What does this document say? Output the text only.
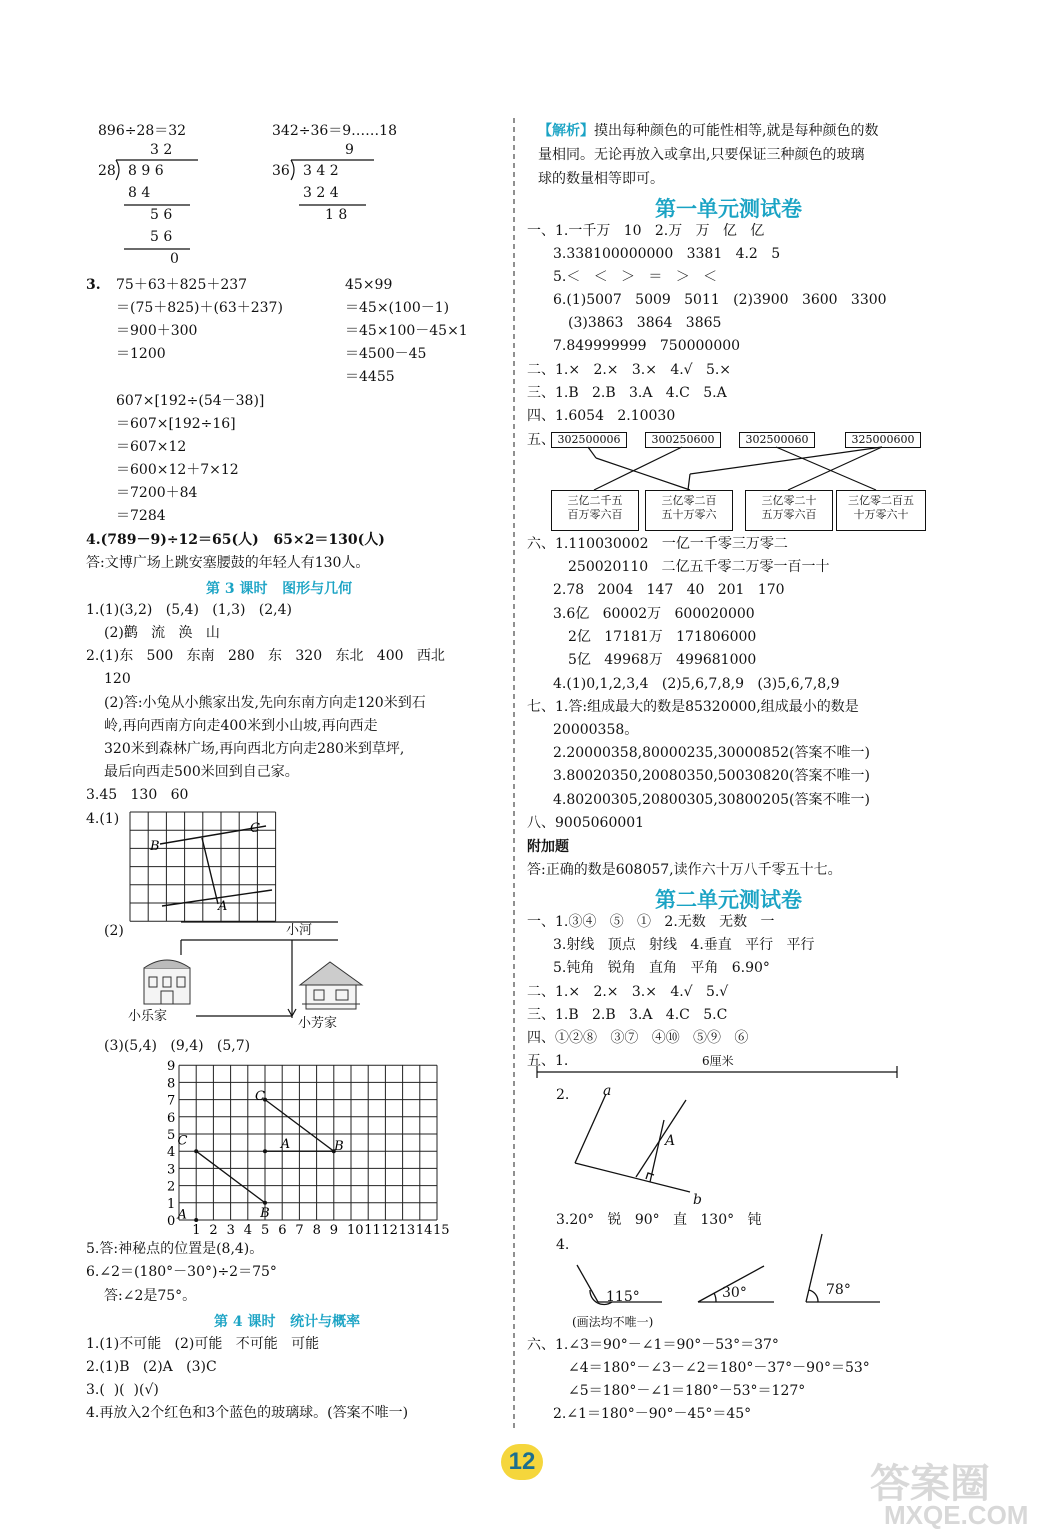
896÷28＝32
3 2
28 8 9 6
8 4
5 6
5 6
0
342÷36＝9……18
9
36 3 4 2
3 2 4
1 8
3. 75＋63＋825＋237
＝(75＋825)＋(63＋237)
＝900＋300
＝1200
45×99
＝45×(100－1)
＝45×100－45×1
＝4500－45
＝4455
607×[192÷(54－38)]
＝607×[192÷16]
＝607×12
＝600×12＋7×12
＝7200＋84
＝7284
4.(789－9)÷12＝65(人)   65×2＝130(人)
答:文博广场上跳安塞腰鼓的年轻人有130人。
第 3 课时   图形与几何
1.(1)(3,2)   (5,4)   (1,3)   (2,4)
(2)鹳   流   涣   山
2.(1)东   500   东南   280   东   320   东北   400   西北
120
(2)答:小兔从小熊家出发,先向东南方向走120米到石
岭,再向西南方向走400米到小山坡,再向西走
320米到森林广场,再向西北方向走280米到草坪,
最后向西走500米回到自己家。
3.45   130   60
4.(1)
(2)
(3)(5,4)   (9,4)   (5,7)
5.答:神秘点的位置是(8,4)。
6.∠2＝(180°－30°)÷2＝75°
答:∠2是75°。
第 4 课时   统计与概率
1.(1)不可能   (2)可能   不可能   可能
2.(1)B   (2)A   (3)C
3.(  )(  )(√)
4.再放入2个红色和3个蓝色的玻璃球。(答案不唯一)
小河
小乐家	小芳家
【解析】摸出每种颜色的可能性相等,就是每种颜色的数
量相同。无论再放入或拿出,只要保证三种颜色的玻璃
球的数量相等即可。
第一单元测试卷
一、1.一千万   10   2.万   万   亿   亿
3.338100000000   3381   4.2   5
5.＜   ＜   ＞   ＝   ＞   ＜
6.(1)5007   5009   5011   (2)3900   3600   3300
(3)3863   3864   3865
7.849999999   750000000
二、1.×   2.×   3.×   4.√   5.×
三、1.B   2.B   3.A   4.C   5.A
四、1.6054   2.10030
五、 302500006	300250600	302500060	325000600
三亿二千五
百万零六百
三亿零二百
五十万零六
三亿零二十
五万零六百
三亿零二百五
十万零六十
六、1.110030002   一亿一千零三万零二
250020110   二亿五千零二万零一百一十
2.78   2004   147   40   201   170
3.6亿   60002万   600020000
2亿   17181万   171806000
5亿   49968万   499681000
4.(1)0,1,2,3,4   (2)5,6,7,8,9   (3)5,6,7,8,9
七、1.答:组成最大的数是85320000,组成最小的数是
20000358。
2.20000358,80000235,30000852(答案不唯一)
3.80020350,20080350,50030820(答案不唯一)
4.80200305,20800305,30800205(答案不唯一)
八、9005060001
附加题
答:正确的数是608057,读作六十万八千零五十七。
第二单元测试卷
一、1.③④   ⑤   ①   2.无数   无数   一
3.射线   顶点   射线   4.垂直   平行   平行
5.钝角   锐角   直角   平角   6.90°
二、1.×   2.×   3.×   4.√   5.√
三、1.B   2.B   3.A   4.C   5.C
四、①②⑧   ③⑦   ④⑩   ⑤⑨   ⑥
五、1.
2.
3.20°   锐   90°   直   130°   钝
4.
(画法均不唯一)
六、1.∠3＝90°－∠1＝90°－53°＝37°
∠4＝180°－∠3－∠2＝180°－37°－90°＝53°
∠5＝180°－∠1＝180°－53°＝127°
2.∠1＝180°－90°－45°＝45°
6厘米
a
b
A
115°	30°	78°
B
C
A
1 2 3 4 5 6 7 8 9 10 11 12 13 14 15
0
1
2
3
4
5
6
7
8
9
A	B
C
A	B
C
12
答案圈
MXQE.COM
